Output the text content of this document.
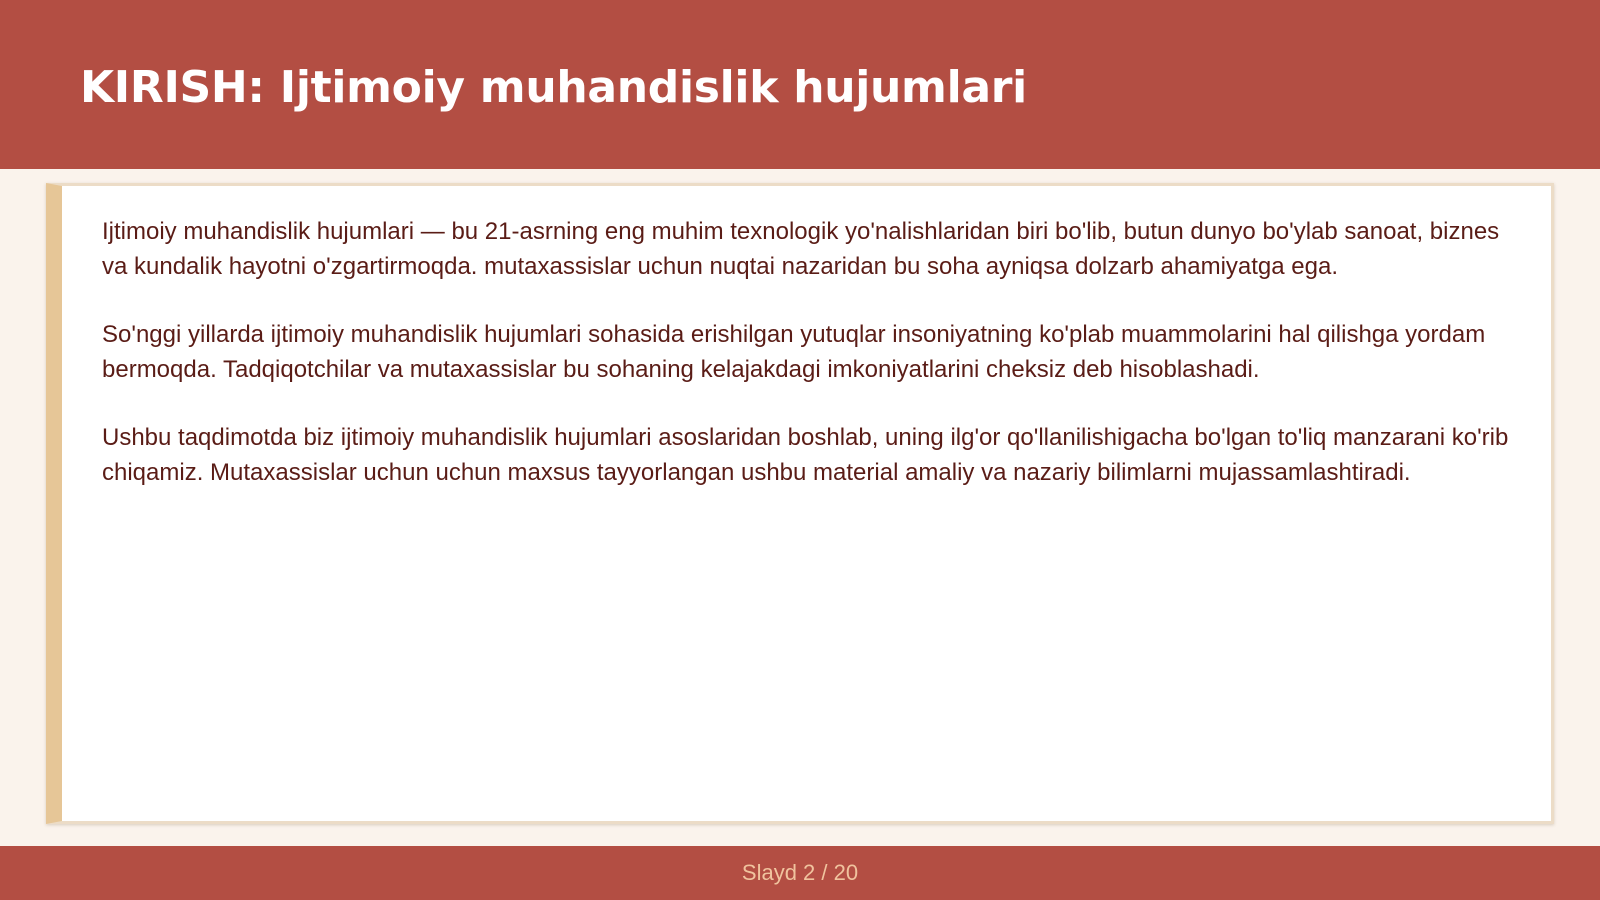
KIRISH: Ijtimoiy muhandislik hujumlari

Ijtimoiy muhandislik hujumlari — bu 21-asrning eng muhim texnologik yo'nalishlaridan biri bo'lib, butun dunyo bo'ylab sanoat, biznes va kundalik hayotni o'zgartirmoqda. mutaxassislar uchun nuqtai nazaridan bu soha ayniqsa dolzarb ahamiyatga ega.

So'nggi yillarda ijtimoiy muhandislik hujumlari sohasida erishilgan yutuqlar insoniyatning ko'plab muammolarini hal qilishga yordam bermoqda. Tadqiqotchilar va mutaxassislar bu sohaning kelajakdagi imkoniyatlarini cheksiz deb hisoblashadi.

Ushbu taqdimotda biz ijtimoiy muhandislik hujumlari asoslaridan boshlab, uning ilg'or qo'llanilishigacha bo'lgan to'liq manzarani ko'rib chiqamiz. Mutaxassislar uchun uchun maxsus tayyorlangan ushbu material amaliy va nazariy bilimlarni mujassamlashtiradi.

Slayd 2 / 20
